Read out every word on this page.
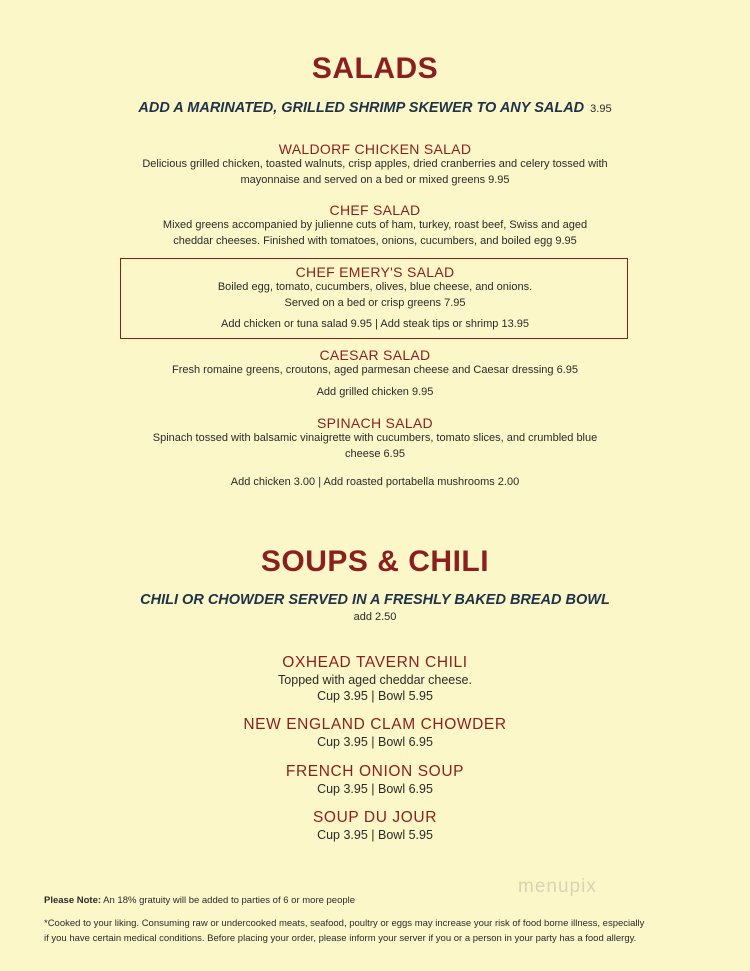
SALADS
ADD A MARINATED, GRILLED SHRIMP SKEWER TO ANY SALAD 3.95
WALDORF CHICKEN SALAD
Delicious grilled chicken, toasted walnuts, crisp apples, dried cranberries and celery tossed with mayonnaise and served on a bed or mixed greens 9.95
CHEF SALAD
Mixed greens accompanied by julienne cuts of ham, turkey, roast beef, Swiss and aged cheddar cheeses. Finished with tomatoes, onions, cucumbers, and boiled egg 9.95
CHEF EMERY'S SALAD
Boiled egg, tomato, cucumbers, olives, blue cheese, and onions.
Served on a bed or crisp greens 7.95
Add chicken or tuna salad 9.95 | Add steak tips or shrimp 13.95
CAESAR SALAD
Fresh romaine greens, croutons, aged parmesan cheese and Caesar dressing 6.95
Add grilled chicken 9.95
SPINACH SALAD
Spinach tossed with balsamic vinaigrette with cucumbers, tomato slices, and crumbled blue cheese 6.95
Add chicken 3.00 | Add roasted portabella mushrooms 2.00
SOUPS & CHILI
CHILI OR CHOWDER SERVED IN A FRESHLY BAKED BREAD BOWL
add 2.50
OXHEAD TAVERN CHILI
Topped with aged cheddar cheese.
Cup 3.95 | Bowl 5.95
NEW ENGLAND CLAM CHOWDER
Cup 3.95 | Bowl 6.95
FRENCH ONION SOUP
Cup 3.95 | Bowl 6.95
SOUP DU JOUR
Cup 3.95 | Bowl 5.95
menupix
Please Note: An 18% gratuity will be added to parties of 6 or more people
*Cooked to your liking. Consuming raw or undercooked meats, seafood, poultry or eggs may increase your risk of food borne illness, especially
if you have certain medical conditions. Before placing your order, please inform your server if you or a person in your party has a food allergy.
